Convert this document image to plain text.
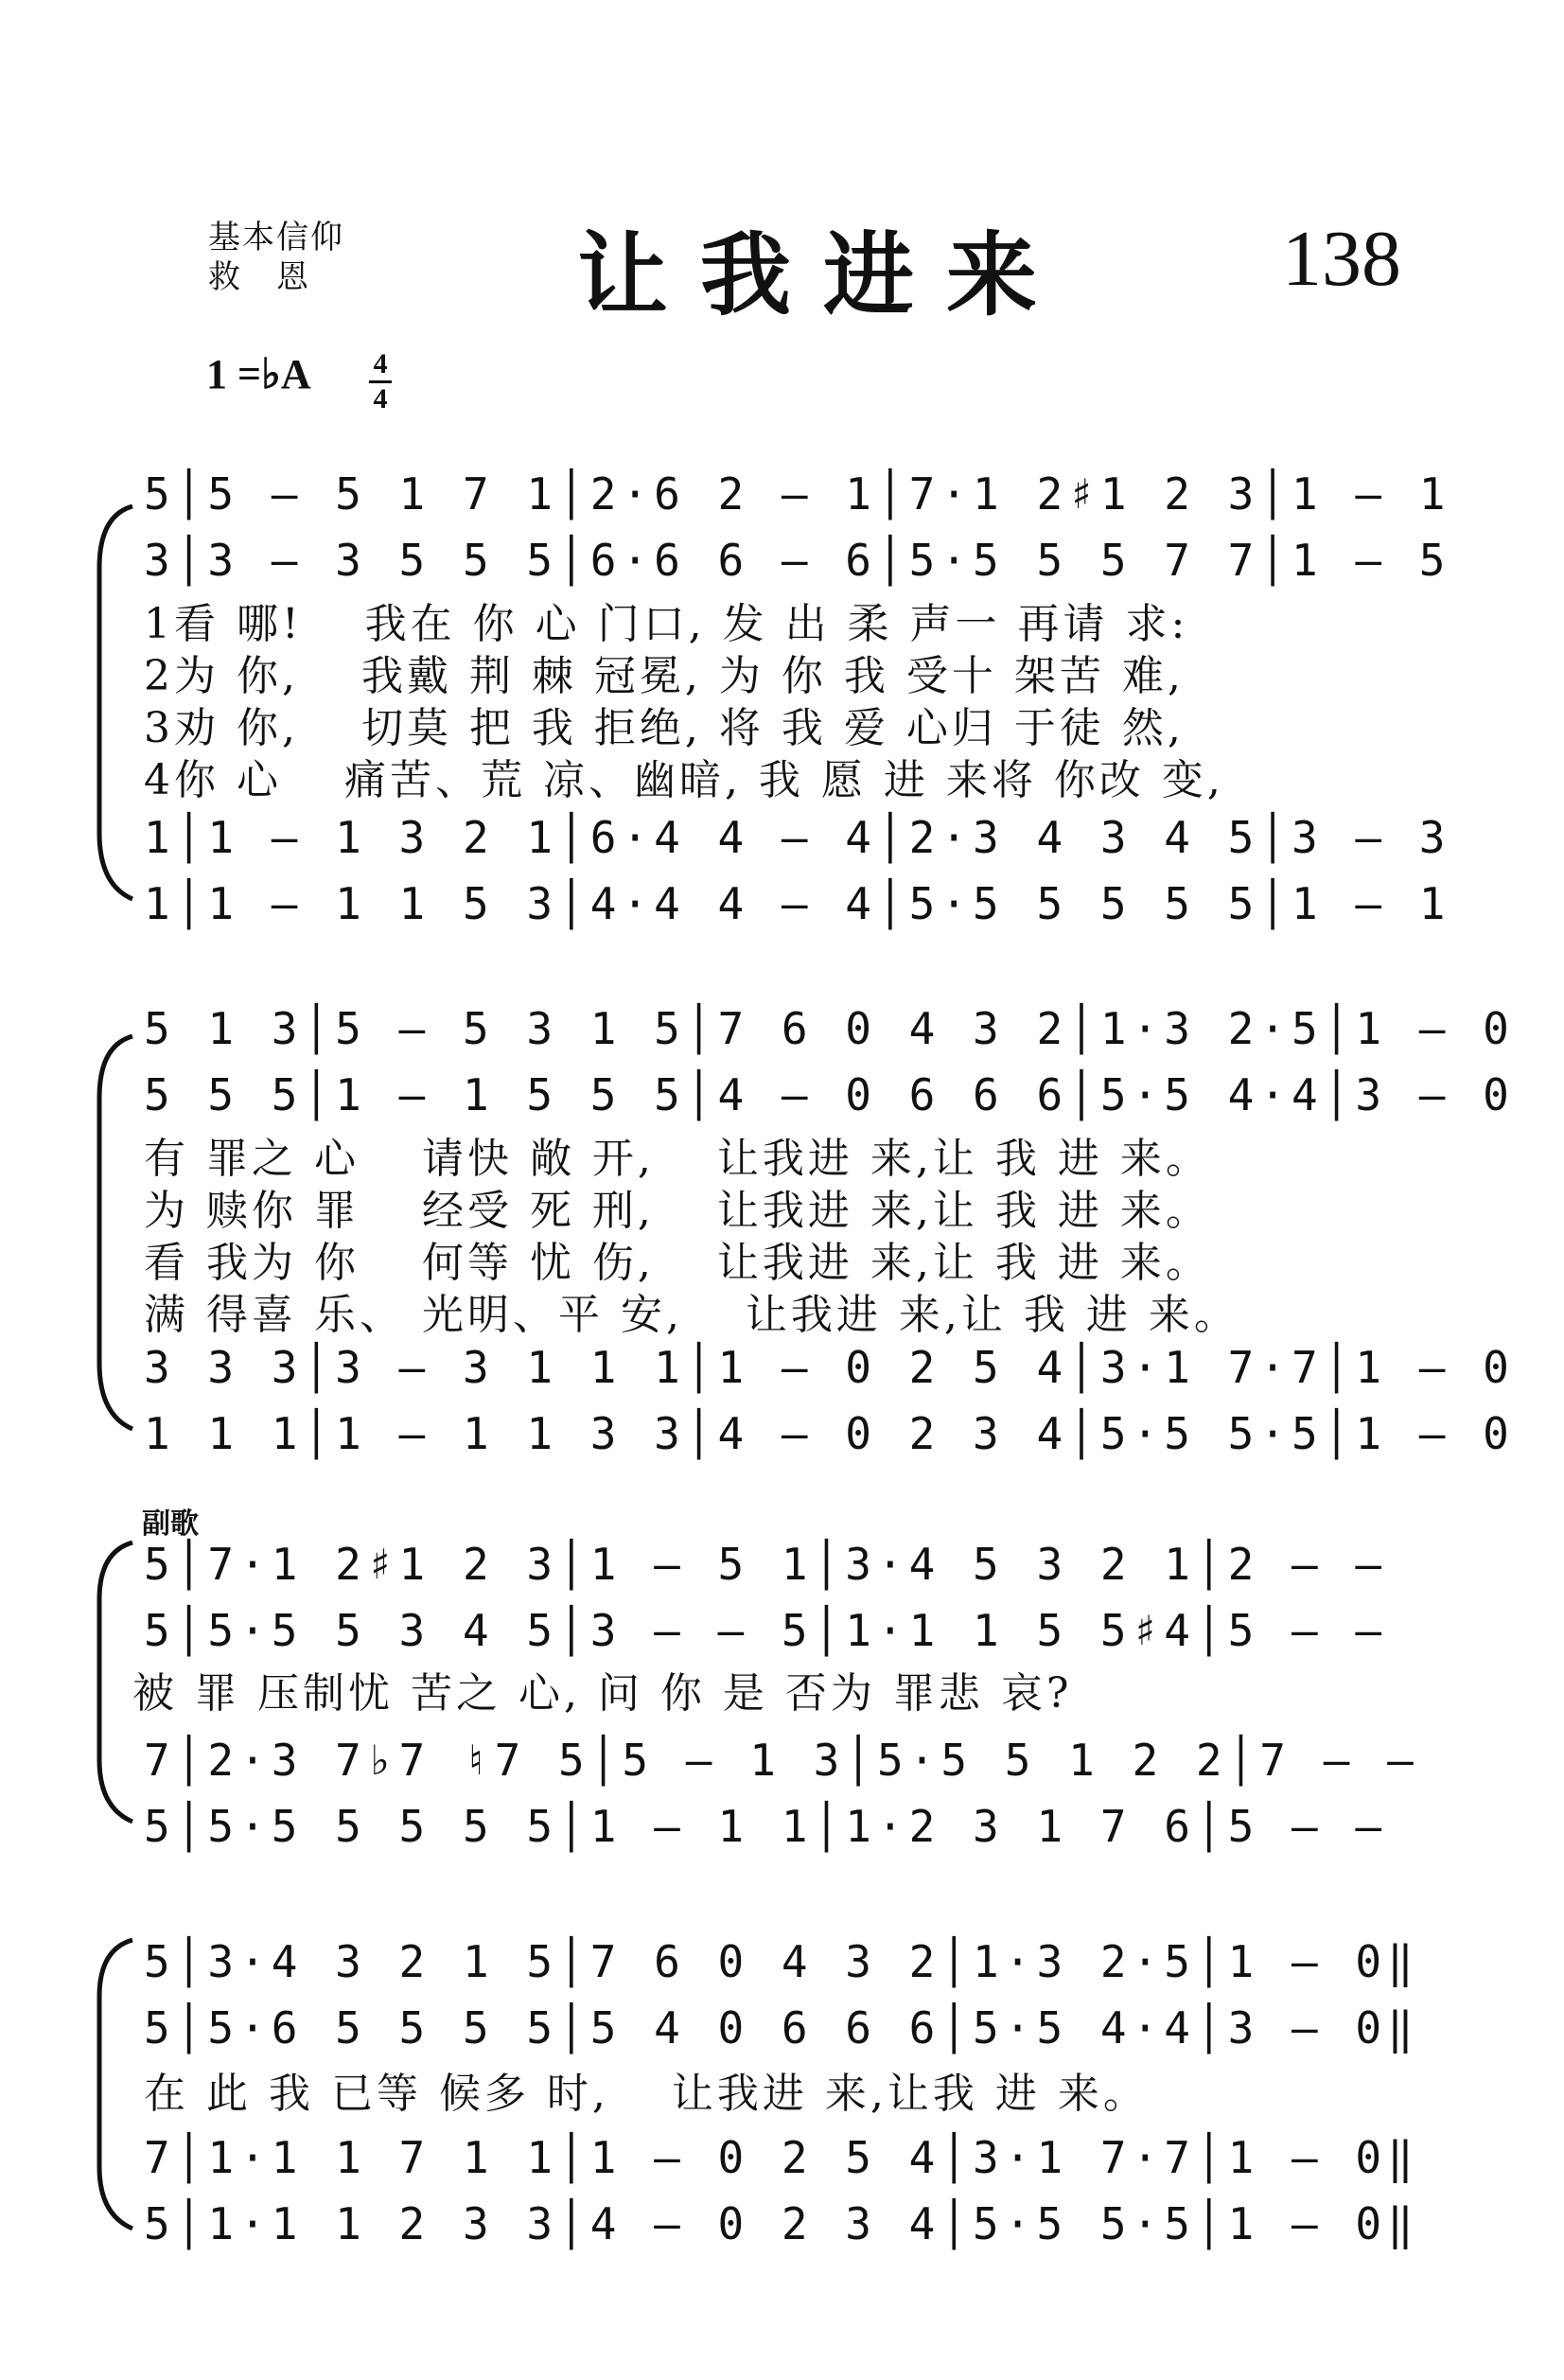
基本信仰
救　恩	让我进来	138
1 =♭A 4
4
5│5 – 5 1 7 1│2·6 2 – 1│7·1 2♯1 2 3│1 – 1
3│3 – 3 5 5 5│6·6 6 – 6│5·5 5 5 7 7│1 – 5
1看 哪!　 我在 你 心 门口, 发 出 柔 声一 再请 求:
2为 你,　 我戴 荆 棘 冠冕, 为 你 我 受十 架苦 难,
3劝 你,　 切莫 把 我 拒绝, 将 我 爱 心归 于徒 然,
4你 心　 痛苦、荒 凉、幽暗, 我 愿 进 来将 你改 变,
1│1 – 1 3 2 1│6·4 4 – 4│2·3 4 3 4 5│3 – 3
1│1 – 1 1 5 3│4·4 4 – 4│5·5 5 5 5 5│1 – 1
5 1 3│5 – 5 3 1 5│7 6 0 4 3 2│1·3 2·5│1 – 0
5 5 5│1 – 1 5 5 5│4 – 0 6 6 6│5·5 4·4│3 – 0
有 罪之 心　 请快 敞 开,　 让我进 来,让 我 进 来。
为 赎你 罪　 经受 死 刑,　 让我进 来,让 我 进 来。
看 我为 你　 何等 忧 伤,　 让我进 来,让 我 进 来。
满 得喜 乐、 光明、平 安,　 让我进 来,让 我 进 来。
3 3 3│3 – 3 1 1 1│1 – 0 2 5 4│3·1 7·7│1 – 0
1 1 1│1 – 1 1 3 3│4 – 0 2 3 4│5·5 5·5│1 – 0
副歌
5│7·1 2♯1 2 3│1 – 5 1│3·4 5 3 2 1│2 – –
5│5·5 5 3 4 5│3 – – 5│1·1 1 5 5♯4│5 – –
被 罪 压制忧 苦之 心, 问 你 是 否为 罪悲 哀?
7│2·3 7♭7 ♮7 5│5 – 1 3│5·5 5 1 2 2│7 – –
5│5·5 5 5 5 5│1 – 1 1│1·2 3 1 7 6│5 – –
5│3·4 3 2 1 5│7 6 0 4 3 2│1·3 2·5│1 – 0‖
5│5·6 5 5 5 5│5 4 0 6 6 6│5·5 4·4│3 – 0‖
在 此 我 已等 候多 时,　 让我进 来,让我 进 来。
7│1·1 1 7 1 1│1 – 0 2 5 4│3·1 7·7│1 – 0‖
5│1·1 1 2 3 3│4 – 0 2 3 4│5·5 5·5│1 – 0‖
